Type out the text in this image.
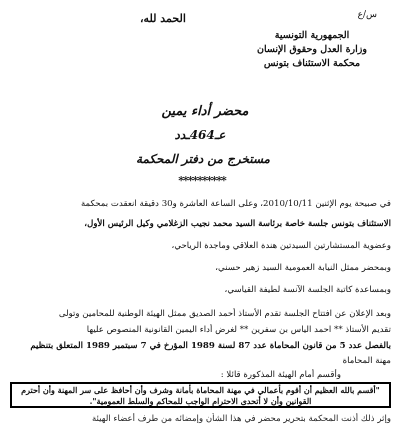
الحمد لله،	س/ع
الجمهورية التونسية
وزارة العدل وحقوق الإنسان
محكمة الاستئناف بتونس
محضر أداء يمين
عـ464ـدد
مستخرج من دفتر المحكمة
**********
في صبيحة يوم الإثنين 2010/10/11، وعلى الساعة العاشرة و30 دقيقة انعقدت بمحكمة
الاستئناف بتونس جلسة خاصة برئاسة السيد محمد نجيب الزغلامي وكيل الرئيس الأول،
وعضوية المستشارتين السيدتين هندة العلاقي وماجدة الرياحي،
وبمحضر ممثل النيابة العمومية السيد زهير حسني،
وبمساعدة كاتبة الجلسة الآنسة لطيفة القياسي،
وبعد الإعلان عن افتتاح الجلسة تقدم الأستاذ أحمد الصديق ممثل الهيئة الوطنية للمحامين وتولى
تقديم الأستاذ ** احمد الياس بن سفرين ** لغرض أداء اليمين القانونية المنصوص عليها
بالفصل عدد 5 من قانون المحاماة عدد 87 لسنة 1989 المؤرخ في 7 سبتمبر 1989 المتعلق بتنظيم
مهنة المحاماة
وأقسم أمام الهيئة المذكورة قائلا :
"أقسم بالله العظيم أن أقوم بأعمالي في مهنة المحاماة بأمانة وشرف وأن أحافظ على سر المهنة وأن أحترم القوانين وأن لا أتحدى الاحترام الواجب للمحاكم والسلط العمومية".
وإثر ذلك أذنت المحكمة بتحرير محضر في هذا الشأن وإمضائه من طرف أعضاء الهيئة
